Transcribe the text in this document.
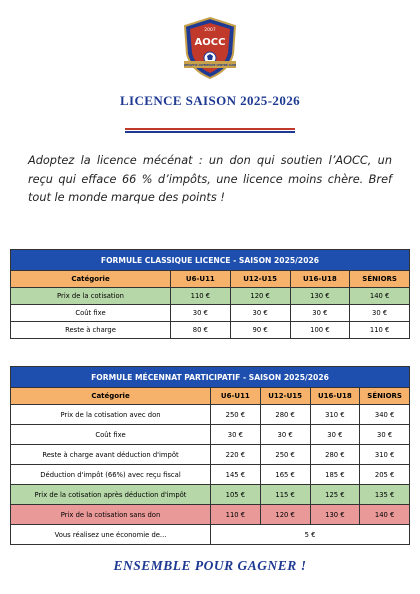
2007
AOCC
ATHLETIC OLYMPIQUE CENTRE CLUB
LICENCE SAISON 2025-2026
Adoptez la licence mécénat : un don qui soutien l’AOCC, un reçu qui efface 66 % d’impôts, une licence moins chère. Bref tout le monde marque des points !
FORMULE CLASSIQUE LICENCE - SAISON 2025/2026				
Catégorie	U6-U11	U12-U15	U16-U18	SÉNIORS
Prix de la cotisation	110 €	120 €	130 €	140 €
Coût fixe	30 €	30 €	30 €	30 €
Reste à charge	80 €	90 €	100 €	110 €
FORMULE MÉCENNAT PARTICIPATIF - SAISON 2025/2026				
Catégorie	U6-U11	U12-U15	U16-U18	SÉNIORS
Prix de la cotisation avec don	250 €	280 €	310 €	340 €
Coût fixe	30 €	30 €	30 €	30 €
Reste à charge avant déduction d'impôt	220 €	250 €	280 €	310 €
Déduction d'impôt (66%) avec reçu fiscal	145 €	165 €	185 €	205 €
Prix de la cotisation après déduction d'impôt	105 €	115 €	125 €	135 €
Prix de la cotisation sans don	110 €	120 €	130 €	140 €
Vous réalisez une économie de...	5 €			
ENSEMBLE POUR GAGNER !
